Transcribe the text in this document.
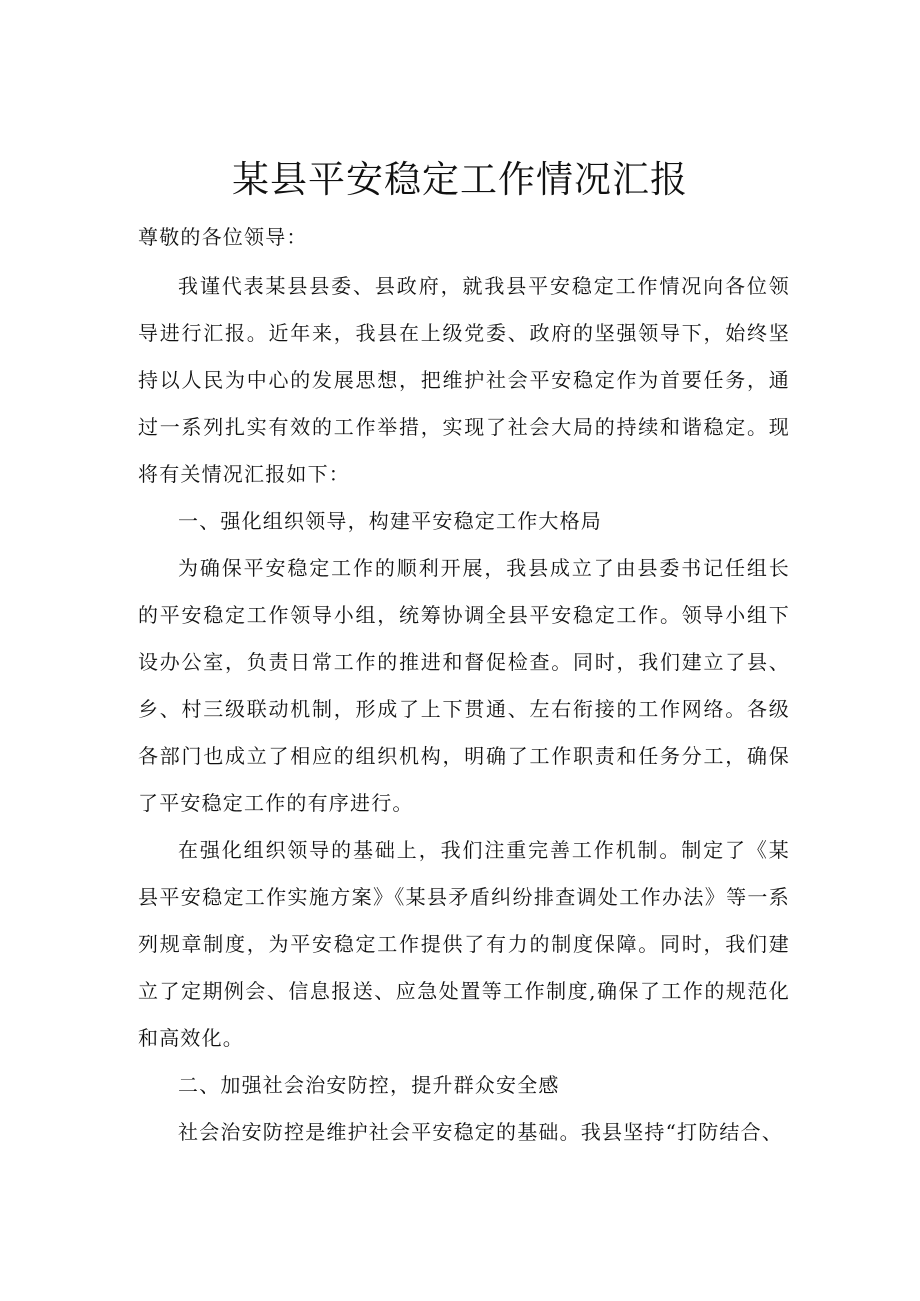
某县平安稳定工作情况汇报

尊敬的各位领导：

我谨代表某县县委、县政府，就我县平安稳定工作情况向各位领导进行汇报。近年来，我县在上级党委、政府的坚强领导下，始终坚持以人民为中心的发展思想，把维护社会平安稳定作为首要任务，通过一系列扎实有效的工作举措，实现了社会大局的持续和谐稳定。现将有关情况汇报如下：

一、强化组织领导，构建平安稳定工作大格局

为确保平安稳定工作的顺利开展，我县成立了由县委书记任组长的平安稳定工作领导小组，统筹协调全县平安稳定工作。领导小组下设办公室，负责日常工作的推进和督促检查。同时，我们建立了县、乡、村三级联动机制，形成了上下贯通、左右衔接的工作网络。各级各部门也成立了相应的组织机构，明确了工作职责和任务分工，确保了平安稳定工作的有序进行。

在强化组织领导的基础上，我们注重完善工作机制。制定了《某县平安稳定工作实施方案》《某县矛盾纠纷排查调处工作办法》等一系列规章制度，为平安稳定工作提供了有力的制度保障。同时，我们建立了定期例会、信息报送、应急处置等工作制度,确保了工作的规范化和高效化。

二、加强社会治安防控，提升群众安全感

社会治安防控是维护社会平安稳定的基础。我县坚持“打防结合、
